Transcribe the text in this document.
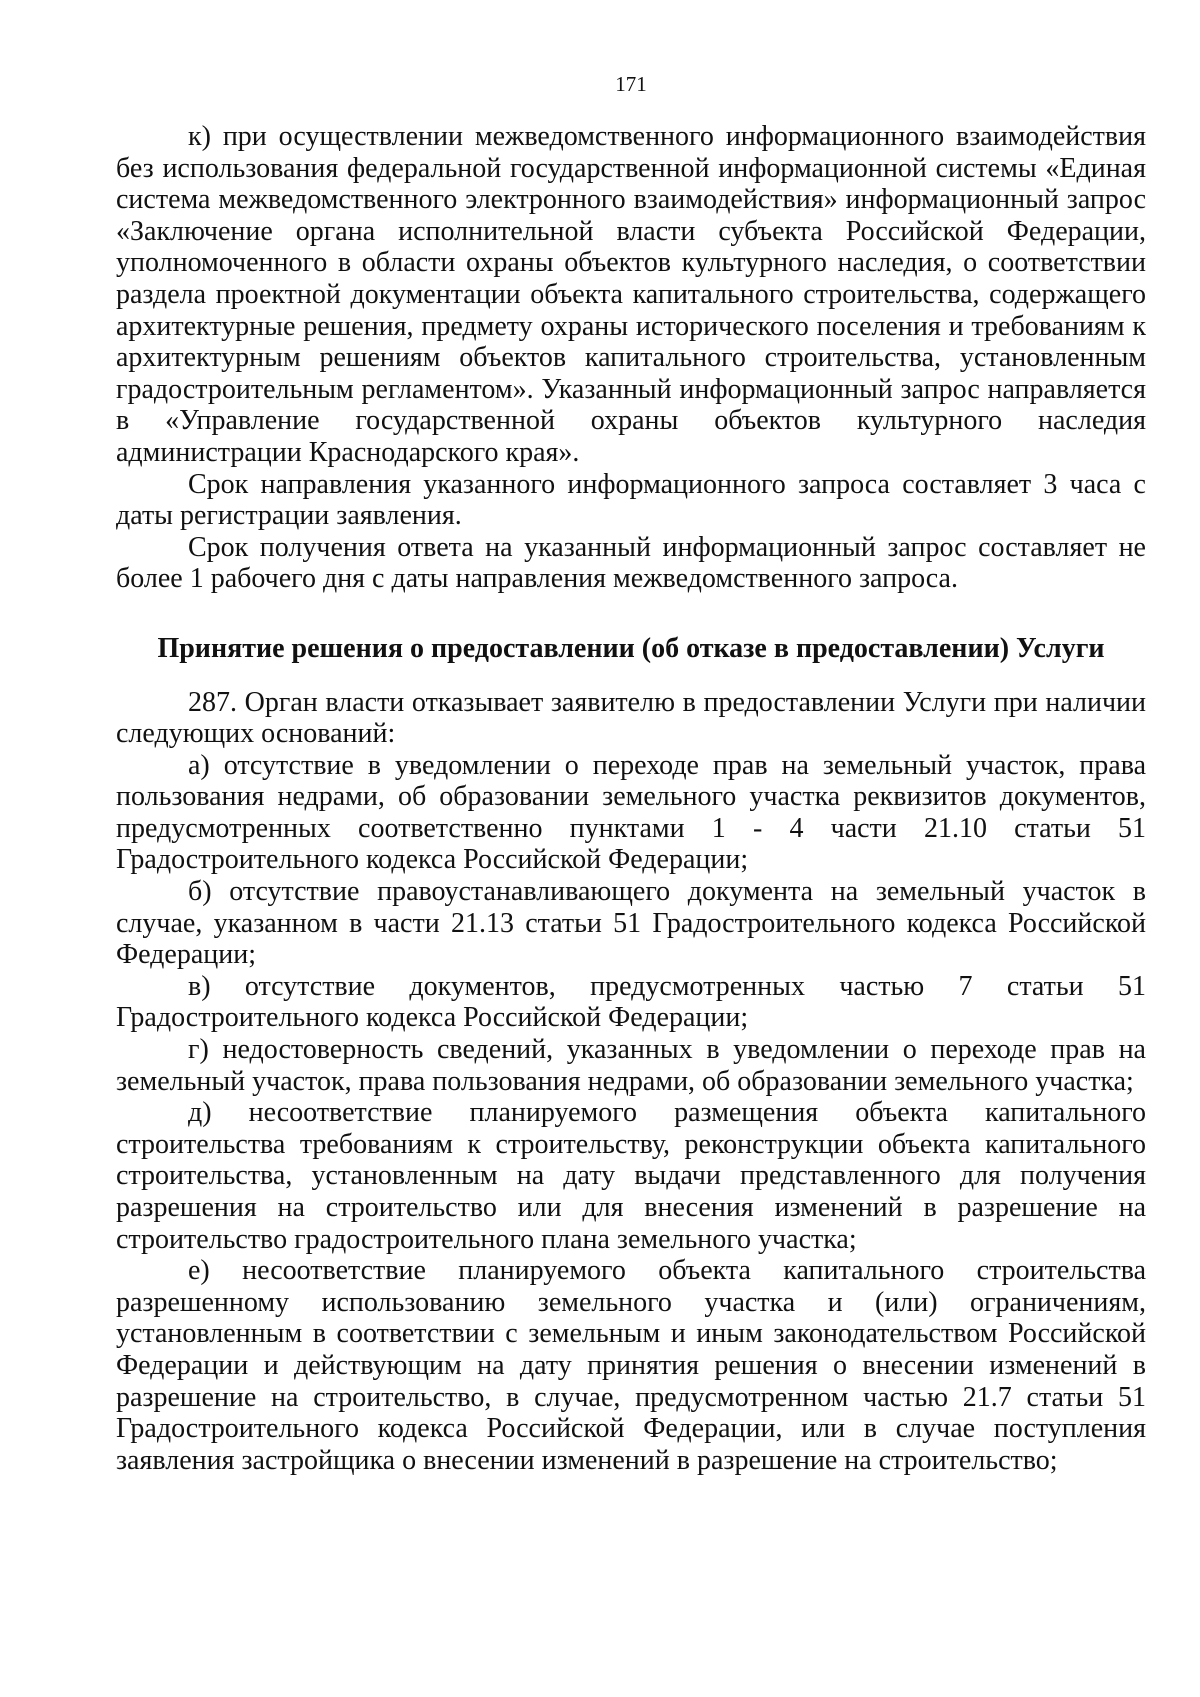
171

к) при осуществлении межведомственного информационного взаимодействия без использования федеральной государственной информационной системы «Единая система межведомственного электронного взаимодействия» информационный запрос «Заключение органа исполнительной власти субъекта Российской Федерации, уполномоченного в области охраны объектов культурного наследия, о соответствии раздела проектной документации объекта капитального строительства, содержащего архитектурные решения, предмету охраны исторического поселения и требованиям к архитектурным решениям объектов капитального строительства, установленным градостроительным регламентом». Указанный информационный запрос направляется в «Управление государственной охраны объектов культурного наследия администрации Краснодарского края».

Срок направления указанного информационного запроса составляет 3 часа с даты регистрации заявления.

Срок получения ответа на указанный информационный запрос составляет не более 1 рабочего дня с даты направления межведомственного запроса.

Принятие решения о предоставлении (об отказе в предоставлении) Услуги

287. Орган власти отказывает заявителю в предоставлении Услуги при наличии следующих оснований:

а) отсутствие в уведомлении о переходе прав на земельный участок, права пользования недрами, об образовании земельного участка реквизитов документов, предусмотренных соответственно пунктами 1 - 4 части 21.10 статьи 51 Градостроительного кодекса Российской Федерации;

б) отсутствие правоустанавливающего документа на земельный участок в случае, указанном в части 21.13 статьи 51 Градостроительного кодекса Российской Федерации;

в) отсутствие документов, предусмотренных частью 7 статьи 51 Градостроительного кодекса Российской Федерации;

г) недостоверность сведений, указанных в уведомлении о переходе прав на земельный участок, права пользования недрами, об образовании земельного участка;

д) несоответствие планируемого размещения объекта капитального строительства требованиям к строительству, реконструкции объекта капитального строительства, установленным на дату выдачи представленного для получения разрешения на строительство или для внесения изменений в разрешение на строительство градостроительного плана земельного участка;

е) несоответствие планируемого объекта капитального строительства разрешенному использованию земельного участка и (или) ограничениям, установленным в соответствии с земельным и иным законодательством Российской Федерации и действующим на дату принятия решения о внесении изменений в разрешение на строительство, в случае, предусмотренном частью 21.7 статьи 51 Градостроительного кодекса Российской Федерации, или в случае поступления заявления застройщика о внесении изменений в разрешение на строительство;
